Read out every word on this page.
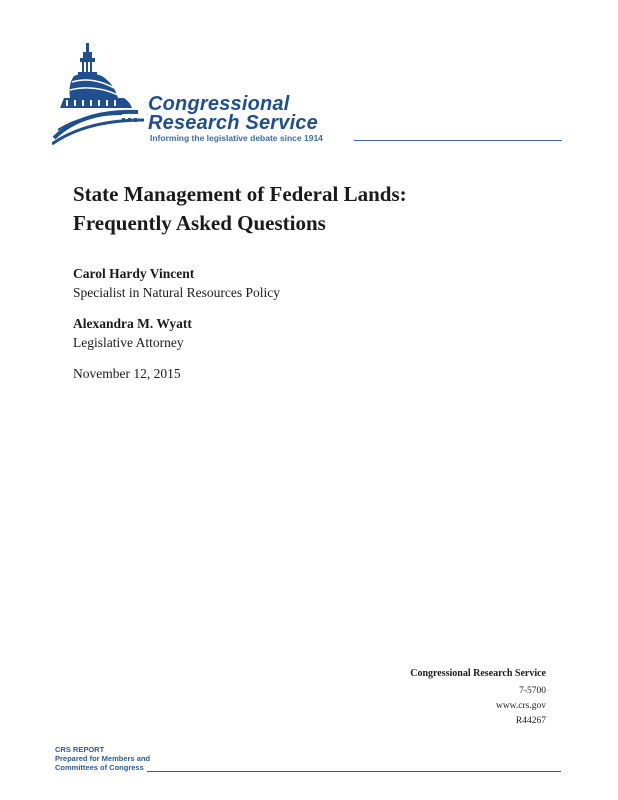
Congressional
Research Service
Informing the legislative debate since 1914
State Management of Federal Lands:
Frequently Asked Questions
Carol Hardy Vincent
Specialist in Natural Resources Policy
Alexandra M. Wyatt
Legislative Attorney
November 12, 2015
Congressional Research Service
7-5700
www.crs.gov
R44267
CRS REPORT
Prepared for Members and
Committees of Congress
